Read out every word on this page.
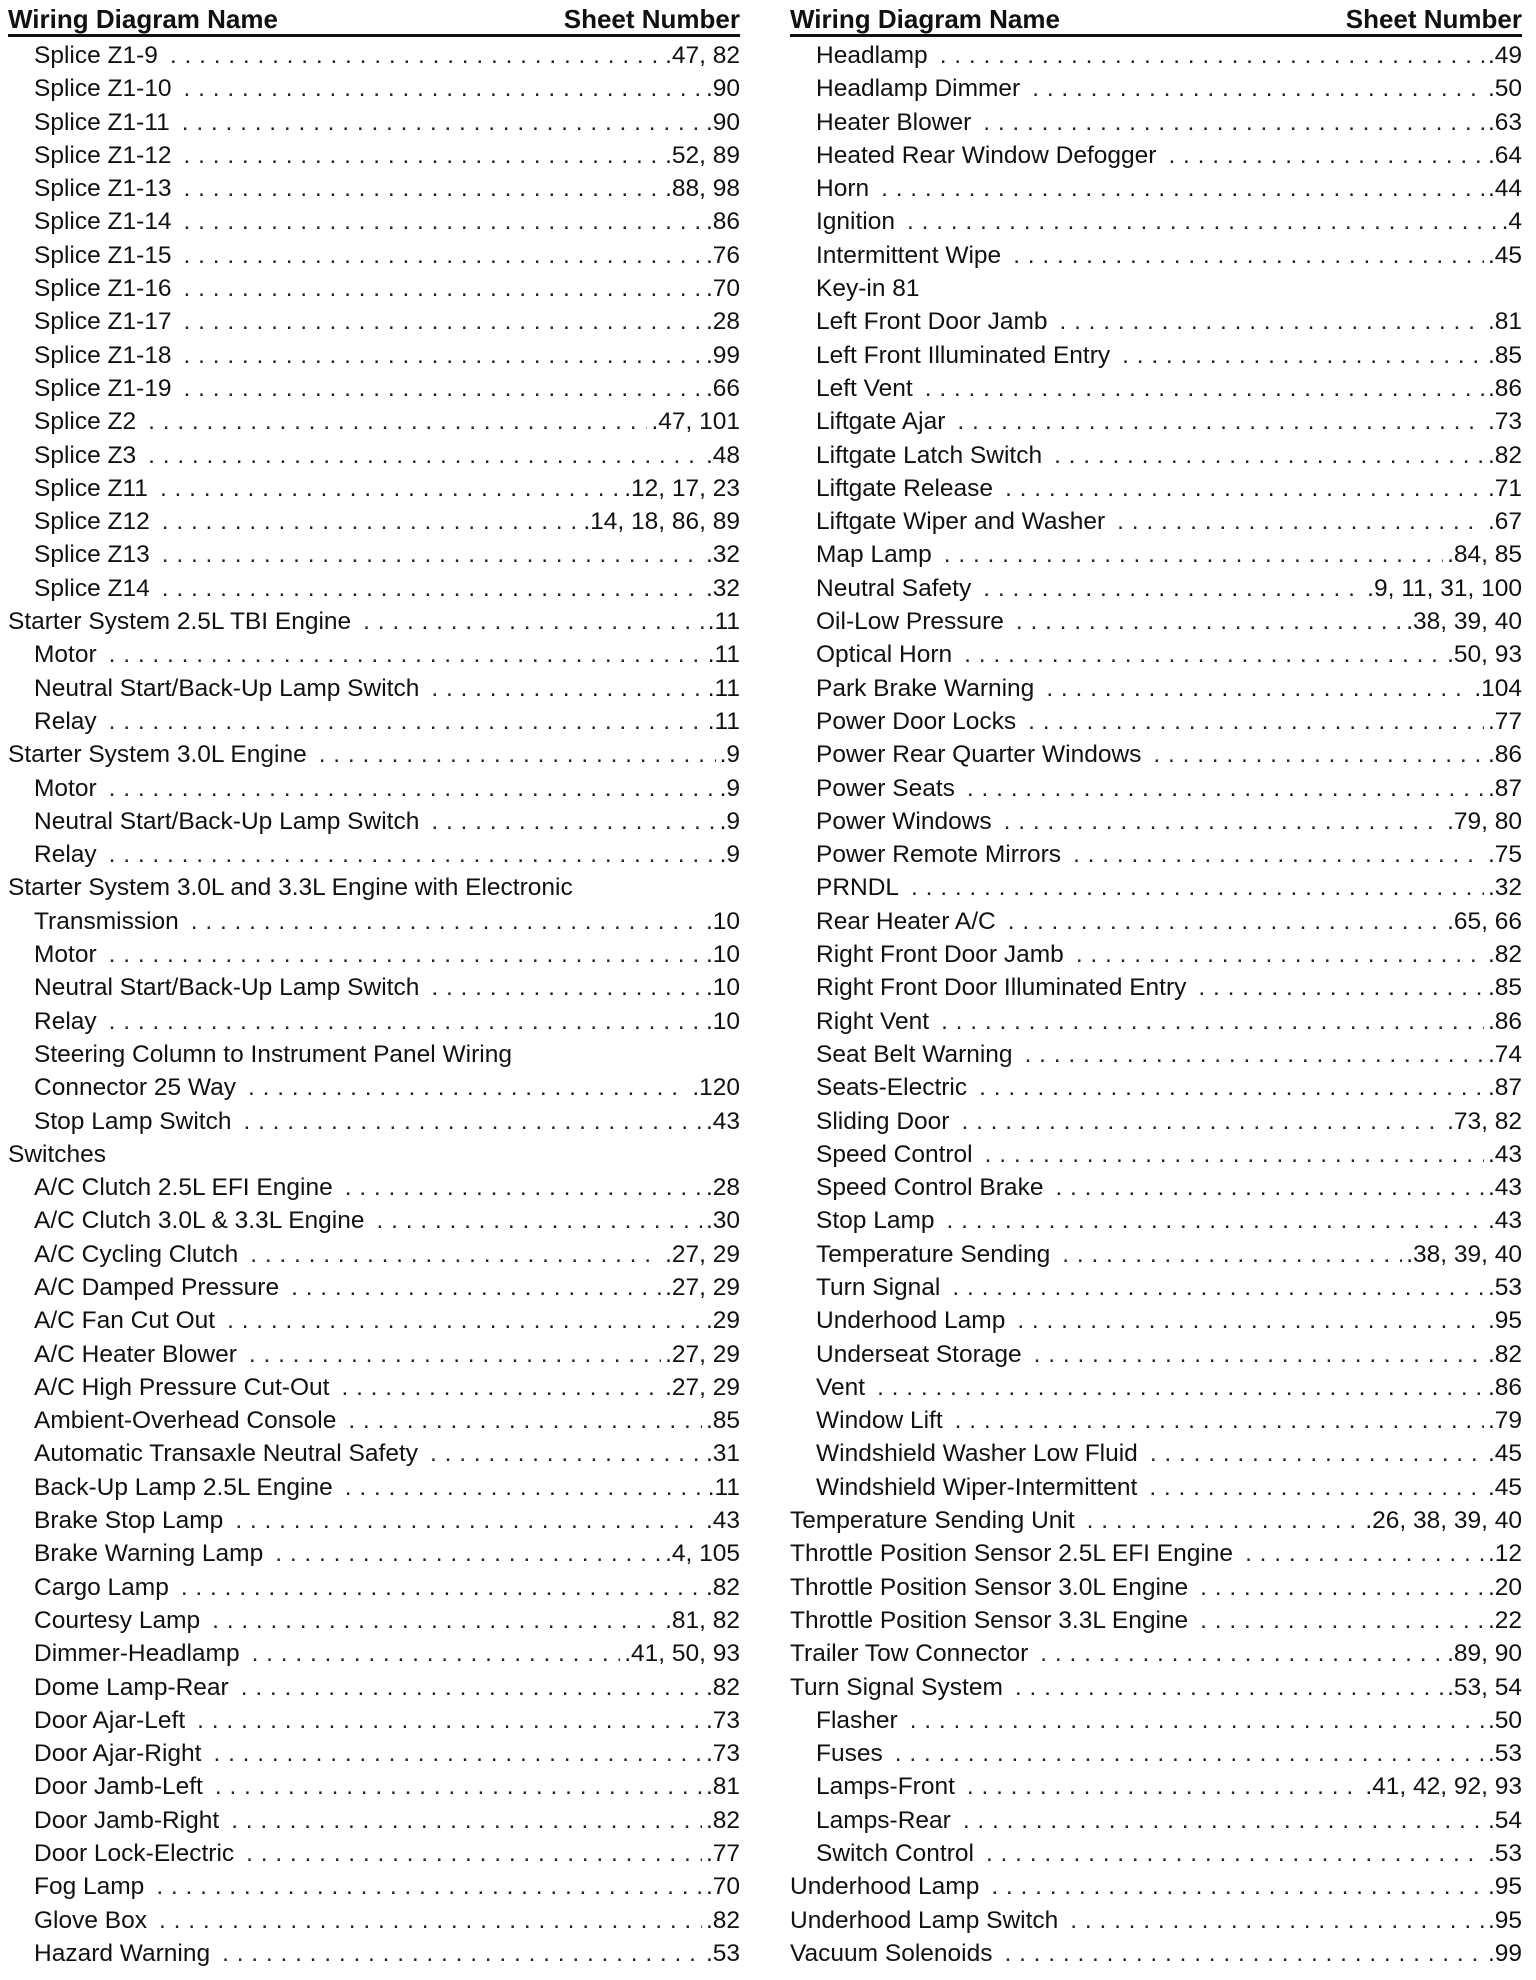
Wiring Diagram Name	Sheet Number
Splice Z1-9 . . .	.47, 82
Splice Z1-10 . . .	.90
Splice Z1-11 . . .	.90
Splice Z1-12 . . .	.52, 89
Splice Z1-13 . . .	.88, 98
Splice Z1-14 . . .	.86
Splice Z1-15 . . .	.76
Splice Z1-16 . . .	.70
Splice Z1-17 . . .	.28
Splice Z1-18 . . .	.99
Splice Z1-19 . . .	.66
Splice Z2 . . .	.47, 101
Splice Z3 . . .	.48
Splice Z11 . . .	.12, 17, 23
Splice Z12 . . .	.14, 18, 86, 89
Splice Z13 . . .	.32
Splice Z14 . . .	.32
Starter System 2.5L TBI Engine . . .	.11
Motor . . .	.11
Neutral Start/Back-Up Lamp Switch . . .	.11
Relay . . .	.11
Starter System 3.0L Engine . . .	.9
Motor . . .	.9
Neutral Start/Back-Up Lamp Switch . . .	.9
Relay . . .	.9
Starter System 3.0L and 3.3L Engine with Electronic
Transmission . . .	.10
Motor . . .	.10
Neutral Start/Back-Up Lamp Switch . . .	.10
Relay . . .	.10
Steering Column to Instrument Panel Wiring
Connector 25 Way . . .	.120
Stop Lamp Switch . . .	.43
Switches
A/C Clutch 2.5L EFI Engine . . .	.28
A/C Clutch 3.0L & 3.3L Engine . . .	.30
A/C Cycling Clutch . . .	.27, 29
A/C Damped Pressure . . .	.27, 29
A/C Fan Cut Out . . .	.29
A/C Heater Blower . . .	.27, 29
A/C High Pressure Cut-Out . . .	.27, 29
Ambient-Overhead Console . . .	.85
Automatic Transaxle Neutral Safety . . .	.31
Back-Up Lamp 2.5L Engine . . .	.11
Brake Stop Lamp . . .	.43
Brake Warning Lamp . . .	.4, 105
Cargo Lamp . . .	.82
Courtesy Lamp . . .	.81, 82
Dimmer-Headlamp . . .	.41, 50, 93
Dome Lamp-Rear . . .	.82
Door Ajar-Left . . .	.73
Door Ajar-Right . . .	.73
Door Jamb-Left . . .	.81
Door Jamb-Right . . .	.82
Door Lock-Electric . . .	.77
Fog Lamp . . .	.70
Glove Box . . .	.82
Hazard Warning . . .	.53
Wiring Diagram Name	Sheet Number
Headlamp . . .	.49
Headlamp Dimmer . . .	.50
Heater Blower . . .	.63
Heated Rear Window Defogger . . .	.64
Horn . . .	.44
Ignition . . .	.4
Intermittent Wipe . . .	.45
Key-in 81
Left Front Door Jamb . . .	.81
Left Front Illuminated Entry . . .	.85
Left Vent . . .	.86
Liftgate Ajar . . .	.73
Liftgate Latch Switch . . .	.82
Liftgate Release . . .	.71
Liftgate Wiper and Washer . . .	.67
Map Lamp . . .	.84, 85
Neutral Safety . . .	.9, 11, 31, 100
Oil-Low Pressure . . .	.38, 39, 40
Optical Horn . . .	.50, 93
Park Brake Warning . . .	.104
Power Door Locks . . .	.77
Power Rear Quarter Windows . . .	.86
Power Seats . . .	.87
Power Windows . . .	.79, 80
Power Remote Mirrors . . .	.75
PRNDL . . .	.32
Rear Heater A/C . . .	.65, 66
Right Front Door Jamb . . .	.82
Right Front Door Illuminated Entry . . .	.85
Right Vent . . .	.86
Seat Belt Warning . . .	.74
Seats-Electric . . .	.87
Sliding Door . . .	.73, 82
Speed Control . . .	.43
Speed Control Brake . . .	.43
Stop Lamp . . .	.43
Temperature Sending . . .	.38, 39, 40
Turn Signal . . .	.53
Underhood Lamp . . .	.95
Underseat Storage . . .	.82
Vent . . .	.86
Window Lift . . .	.79
Windshield Washer Low Fluid . . .	.45
Windshield Wiper-Intermittent . . .	.45
Temperature Sending Unit . . .	.26, 38, 39, 40
Throttle Position Sensor 2.5L EFI Engine . . .	.12
Throttle Position Sensor 3.0L Engine . . .	.20
Throttle Position Sensor 3.3L Engine . . .	.22
Trailer Tow Connector . . .	.89, 90
Turn Signal System . . .	.53, 54
Flasher . . .	.50
Fuses . . .	.53
Lamps-Front . . .	.41, 42, 92, 93
Lamps-Rear . . .	.54
Switch Control . . .	.53
Underhood Lamp . . .	.95
Underhood Lamp Switch . . .	.95
Vacuum Solenoids . . .	.99
